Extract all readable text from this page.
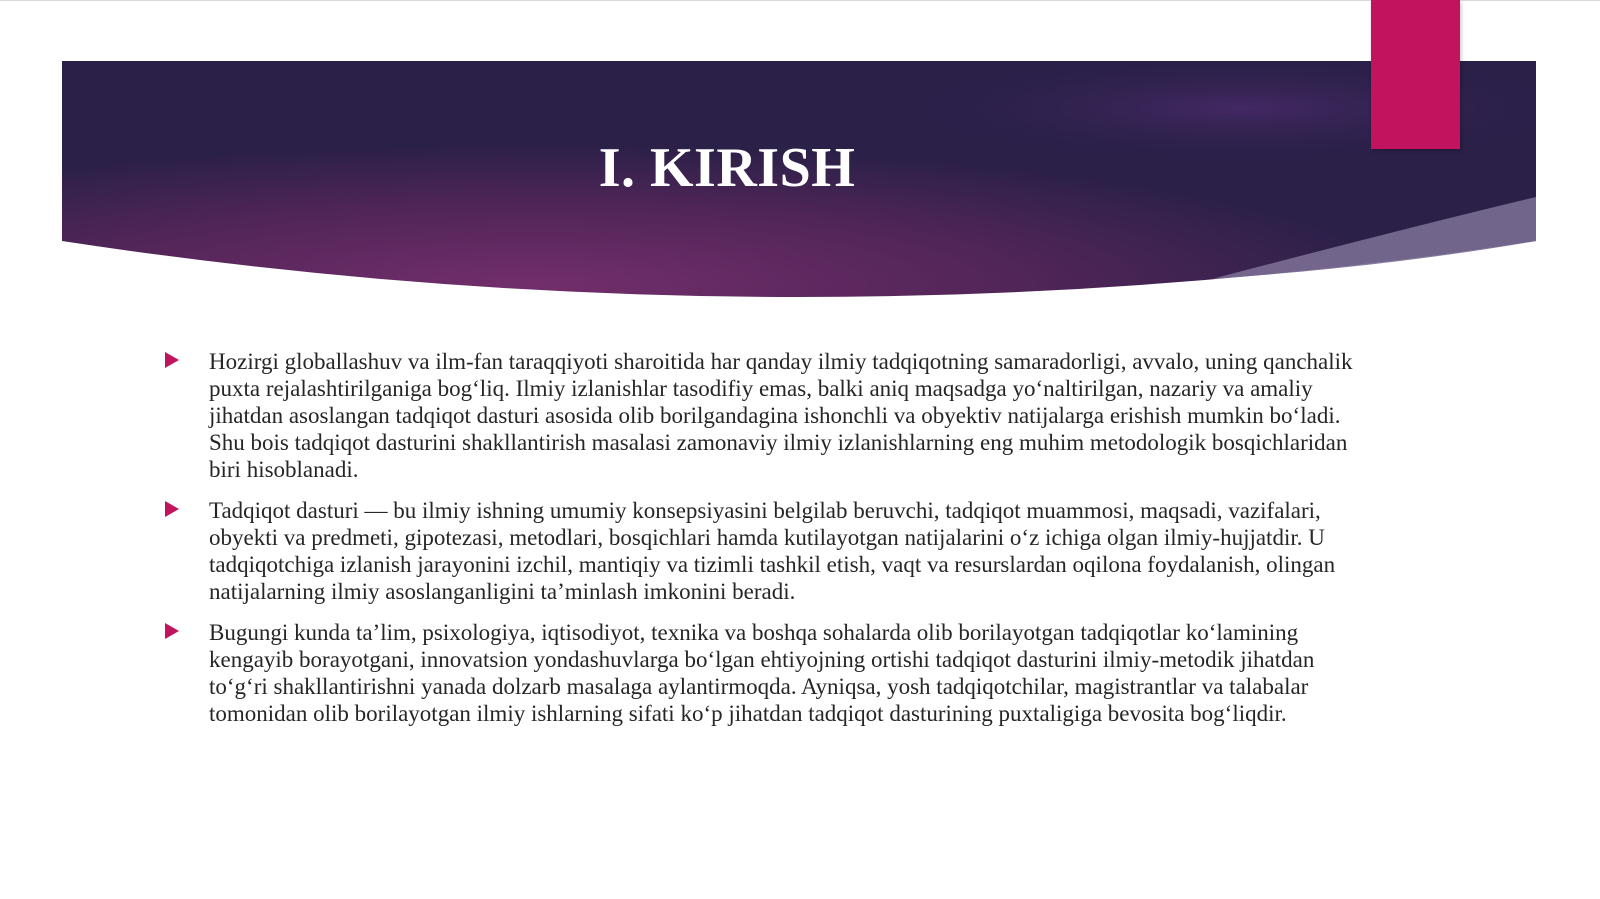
I. KIRISH
Hozirgi globallashuv va ilm-fan taraqqiyoti sharoitida har qanday ilmiy tadqiqotning samaradorligi, avvalo, uning qanchalik puxta rejalashtirilganiga bog‘liq. Ilmiy izlanishlar tasodifiy emas, balki aniq maqsadga yo‘naltirilgan, nazariy va amaliy jihatdan asoslangan tadqiqot dasturi asosida olib borilgandagina ishonchli va obyektiv natijalarga erishish mumkin bo‘ladi. Shu bois tadqiqot dasturini shakllantirish masalasi zamonaviy ilmiy izlanishlarning eng muhim metodologik bosqichlaridan biri hisoblanadi.
Tadqiqot dasturi — bu ilmiy ishning umumiy konsepsiyasini belgilab beruvchi, tadqiqot muammosi, maqsadi, vazifalari, obyekti va predmeti, gipotezasi, metodlari, bosqichlari hamda kutilayotgan natijalarini o‘z ichiga olgan ilmiy-hujjatdir. U tadqiqotchiga izlanish jarayonini izchil, mantiqiy va tizimli tashkil etish, vaqt va resurslardan oqilona foydalanish, olingan natijalarning ilmiy asoslanganligini ta’minlash imkonini beradi.
Bugungi kunda ta’lim, psixologiya, iqtisodiyot, texnika va boshqa sohalarda olib borilayotgan tadqiqotlar ko‘lamining kengayib borayotgani, innovatsion yondashuvlarga bo‘lgan ehtiyojning ortishi tadqiqot dasturini ilmiy-metodik jihatdan to‘g‘ri shakllantirishni yanada dolzarb masalaga aylantirmoqda. Ayniqsa, yosh tadqiqotchilar, magistrantlar va talabalar tomonidan olib borilayotgan ilmiy ishlarning sifati ko‘p jihatdan tadqiqot dasturining puxtaligiga bevosita bog‘liqdir.
